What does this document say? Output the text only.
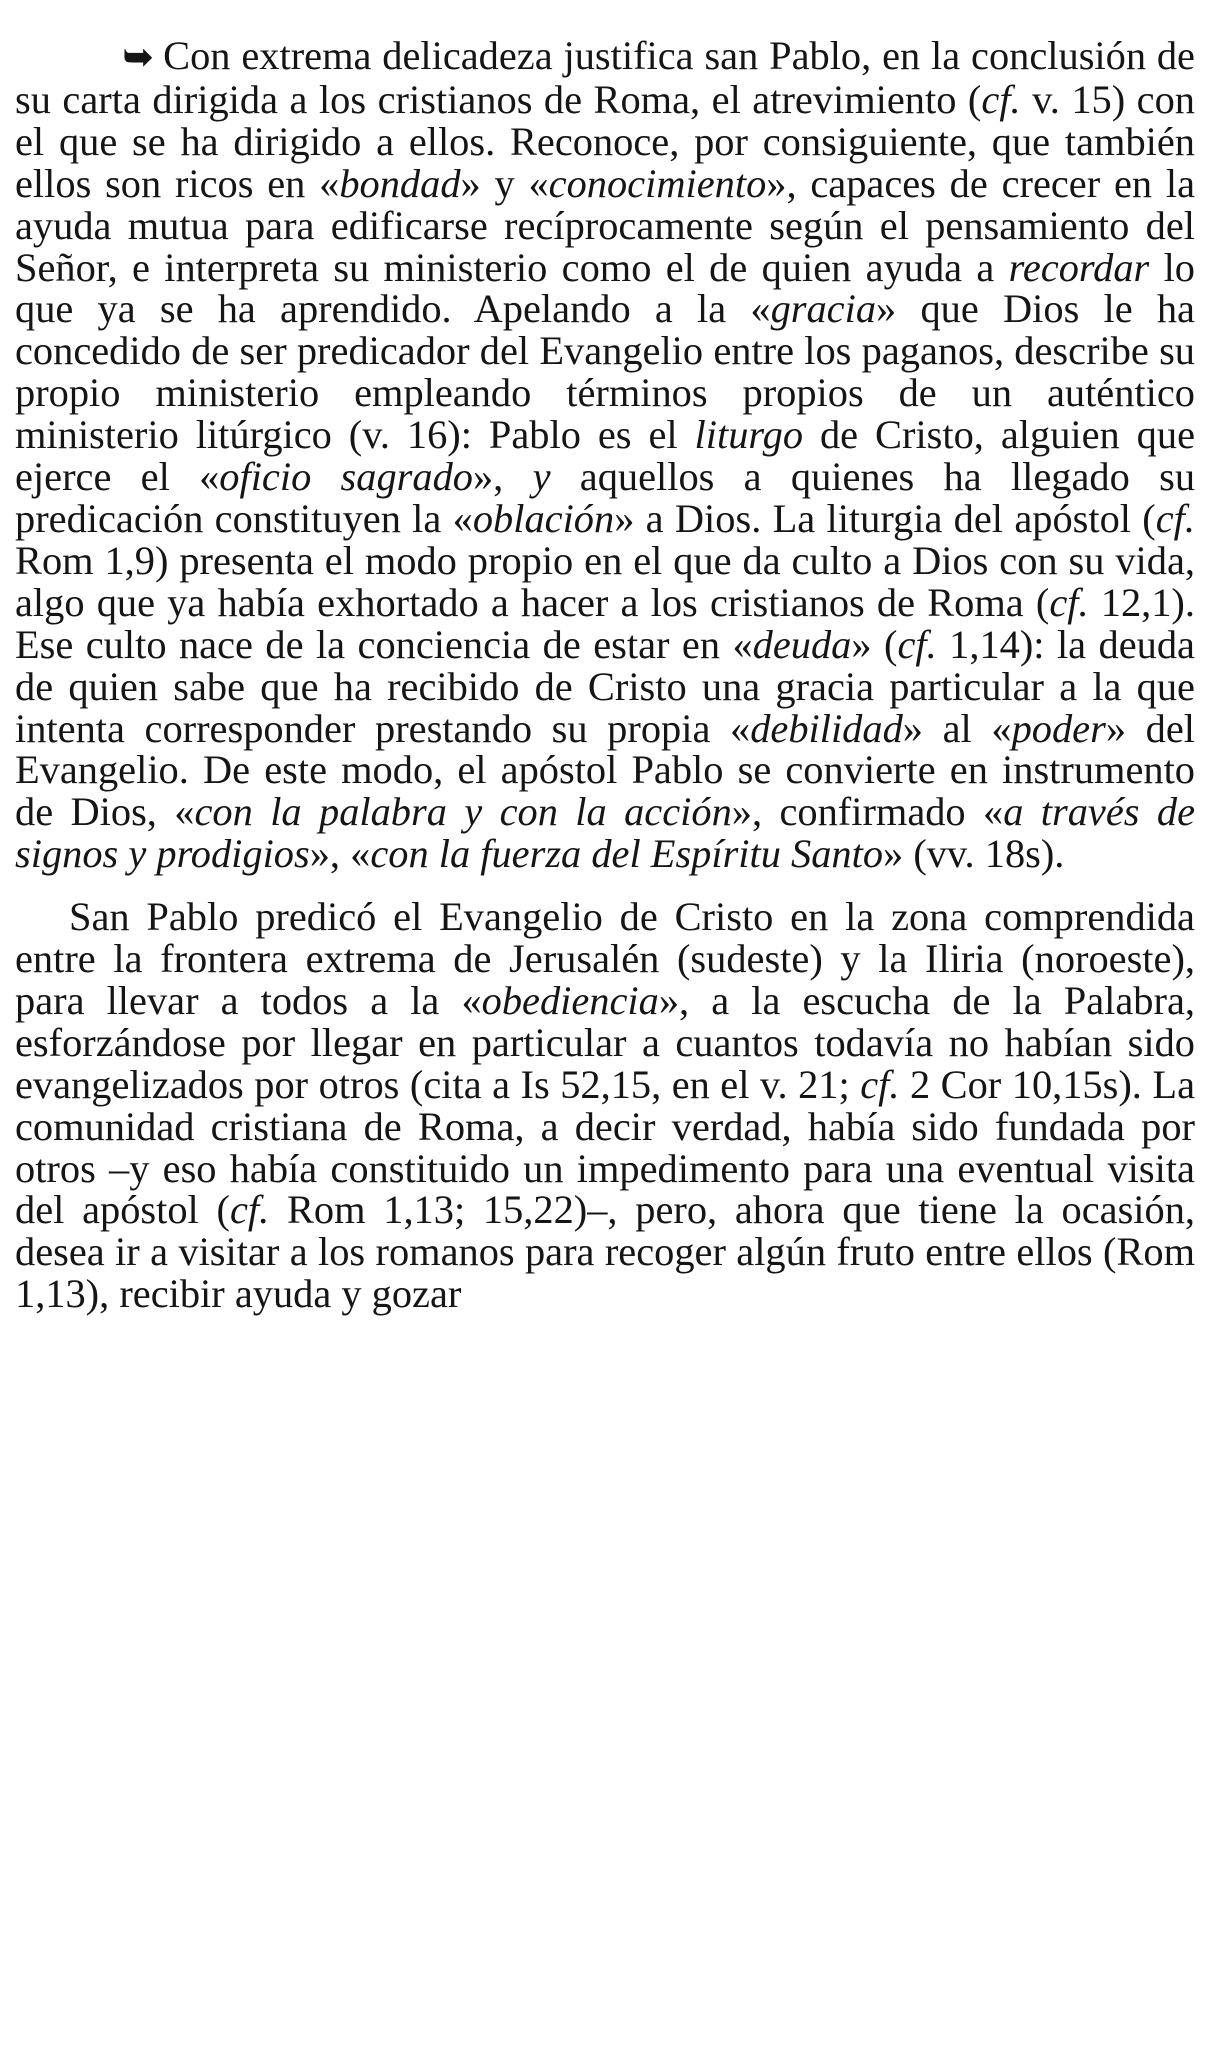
➥ Con extrema delicadeza justifica san Pablo, en la conclusión de su carta dirigida a los cristianos de Roma, el atrevimiento (cf. v. 15) con el que se ha dirigido a ellos. Reconoce, por consiguiente, que también ellos son ricos en «bondad» y «conocimiento», capaces de crecer en la ayuda mutua para edificarse recíprocamente según el pensamiento del Señor, e interpreta su ministerio como el de quien ayuda a recordar lo que ya se ha aprendido. Apelando a la «gracia» que Dios le ha concedido de ser predicador del Evangelio entre los paganos, describe su propio ministerio empleando términos propios de un auténtico ministerio litúrgico (v. 16): Pablo es el liturgo de Cristo, alguien que ejerce el «oficio sagrado», y aquellos a quienes ha llegado su predicación constituyen la «oblación» a Dios. La liturgia del apóstol (cf. Rom 1,9) presenta el modo propio en el que da culto a Dios con su vida, algo que ya había exhortado a hacer a los cristianos de Roma (cf. 12,1). Ese culto nace de la conciencia de estar en «deuda» (cf. 1,14): la deuda de quien sabe que ha recibido de Cristo una gracia particular a la que intenta corresponder prestando su propia «debilidad» al «poder» del Evangelio. De este modo, el apóstol Pablo se convierte en instrumento de Dios, «con la palabra y con la acción», confirmado «a través de signos y prodigios», «con la fuerza del Espíritu Santo» (vv. 18s).

San Pablo predicó el Evangelio de Cristo en la zona comprendida entre la frontera extrema de Jerusalén (sudeste) y la Iliria (noroeste), para llevar a todos a la «obediencia», a la escucha de la Palabra, esforzándose por llegar en particular a cuantos todavía no habían sido evangelizados por otros (cita a Is 52,15, en el v. 21; cf. 2 Cor 10,15s). La comunidad cristiana de Roma, a decir verdad, había sido fundada por otros –y eso había constituido un impedimento para una eventual visita del apóstol (cf. Rom 1,13; 15,22)–, pero, ahora que tiene la ocasión, desea ir a visitar a los romanos para recoger algún fruto entre ellos (Rom 1,13), recibir ayuda y gozar
